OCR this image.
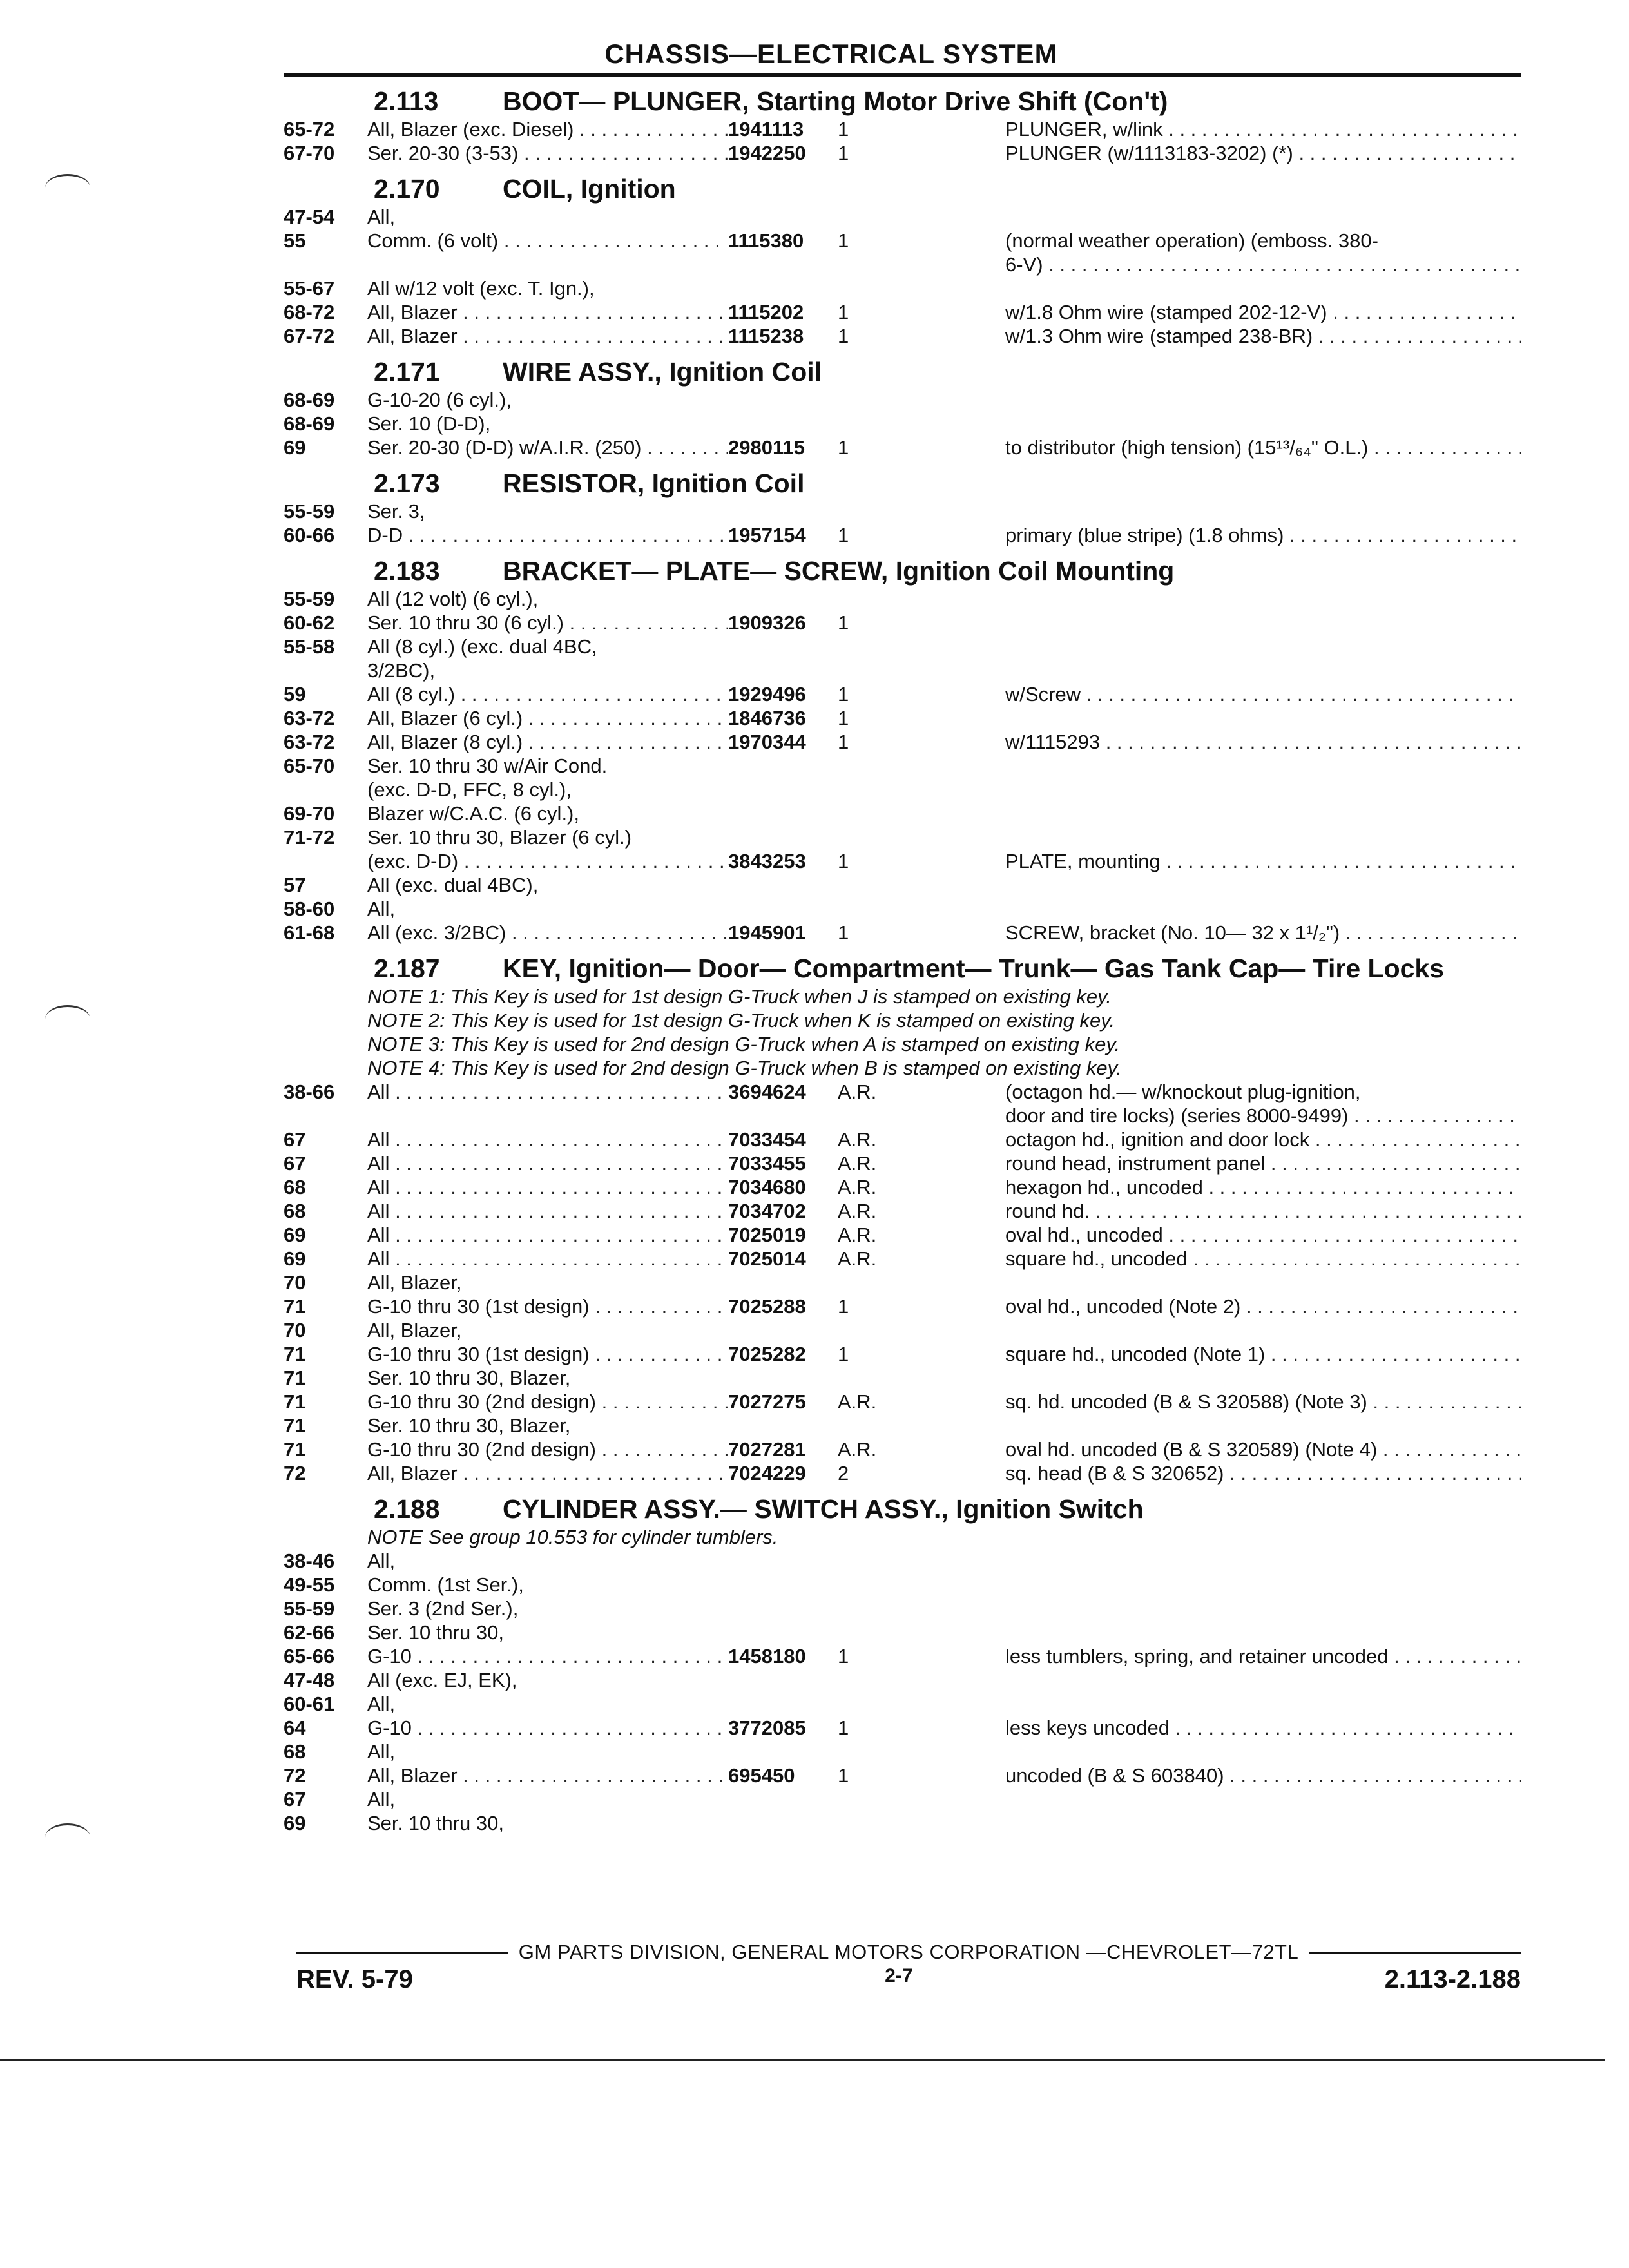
CHASSIS—ELECTRICAL SYSTEM
2.113	BOOT— PLUNGER, Starting Motor Drive Shift (Con't)
65-72	All, Blazer (exc. Diesel) . . .	1941113	1	PLUNGER, w/link . . .
67-70	Ser. 20-30 (3-53) . . .	1942250	1	PLUNGER (w/1113183-3202) (*) . . .
2.170	COIL, Ignition
47-54	All,
55	Comm. (6 volt) . . .	1115380	1	(normal weather operation) (emboss. 380-
6-V) . . .
55-67	All w/12 volt (exc. T. Ign.),
68-72	All, Blazer . . .	1115202	1	w/1.8 Ohm wire (stamped 202-12-V) . . .
67-72	All, Blazer . . .	1115238	1	w/1.3 Ohm wire (stamped 238-BR) . . .
2.171	WIRE ASSY., Ignition Coil
68-69	G-10-20 (6 cyl.),
68-69	Ser. 10 (D-D),
69	Ser. 20-30 (D-D) w/A.I.R. (250) . . .	2980115	1	to distributor (high tension) (15¹³/₆₄" O.L.) . . .
2.173	RESISTOR, Ignition Coil
55-59	Ser. 3,
60-66	D-D . . .	1957154	1	primary (blue stripe) (1.8 ohms) . . .
2.183	BRACKET— PLATE— SCREW, Ignition Coil Mounting
55-59	All (12 volt) (6 cyl.),
60-62	Ser. 10 thru 30 (6 cyl.) . . .	1909326	1
55-58	All (8 cyl.) (exc. dual 4BC,
3/2BC),
59	All (8 cyl.) . . .	1929496	1	w/Screw . . .
63-72	All, Blazer (6 cyl.) . . .	1846736	1
63-72	All, Blazer (8 cyl.) . . .	1970344	1	w/1115293 . . .
65-70	Ser. 10 thru 30 w/Air Cond.
(exc. D-D, FFC, 8 cyl.),
69-70	Blazer w/C.A.C. (6 cyl.),
71-72	Ser. 10 thru 30, Blazer (6 cyl.)
(exc. D-D) . . .	3843253	1	PLATE, mounting . . .
57	All (exc. dual 4BC),
58-60	All,
61-68	All (exc. 3/2BC) . . .	1945901	1	SCREW, bracket (No. 10— 32 x 1¹/₂") . . .
2.187	KEY, Ignition— Door— Compartment— Trunk— Gas Tank Cap— Tire Locks
NOTE 1: This Key is used for 1st design G-Truck when J is stamped on existing key.
NOTE 2: This Key is used for 1st design G-Truck when K is stamped on existing key.
NOTE 3: This Key is used for 2nd design G-Truck when A is stamped on existing key.
NOTE 4: This Key is used for 2nd design G-Truck when B is stamped on existing key.
38-66	All . . .	3694624	A.R.	(octagon hd.— w/knockout plug-ignition,
door and tire locks) (series 8000-9499) . . .
67	All . . .	7033454	A.R.	octagon hd., ignition and door lock . . .
67	All . . .	7033455	A.R.	round head, instrument panel . . .
68	All . . .	7034680	A.R.	hexagon hd., uncoded . . .
68	All . . .	7034702	A.R.	round hd. . . .
69	All . . .	7025019	A.R.	oval hd., uncoded . . .
69	All . . .	7025014	A.R.	square hd., uncoded . . .
70	All, Blazer,
71	G-10 thru 30 (1st design) . . .	7025288	1	oval hd., uncoded (Note 2) . . .
70	All, Blazer,
71	G-10 thru 30 (1st design) . . .	7025282	1	square hd., uncoded (Note 1) . . .
71	Ser. 10 thru 30, Blazer,
71	G-10 thru 30 (2nd design) . . .	7027275	A.R.	sq. hd. uncoded (B & S 320588) (Note 3) . . .
71	Ser. 10 thru 30, Blazer,
71	G-10 thru 30 (2nd design) . . .	7027281	A.R.	oval hd. uncoded (B & S 320589) (Note 4) . . .
72	All, Blazer . . .	7024229	2	sq. head (B & S 320652) . . .
2.188	CYLINDER ASSY.— SWITCH ASSY., Ignition Switch
NOTE See group 10.553 for cylinder tumblers.
38-46	All,
49-55	Comm. (1st Ser.),
55-59	Ser. 3 (2nd Ser.),
62-66	Ser. 10 thru 30,
65-66	G-10 . . .	1458180	1	less tumblers, spring, and retainer uncoded . . .
47-48	All (exc. EJ, EK),
60-61	All,
64	G-10 . . .	3772085	1	less keys uncoded . . .
68	All,
72	All, Blazer . . .	695450	1	uncoded (B & S 603840) . . .
67	All,
69	Ser. 10 thru 30,
GM PARTS DIVISION, GENERAL MOTORS CORPORATION —CHEVROLET—72TL
REV. 5-79	2-7	2.113-2.188
